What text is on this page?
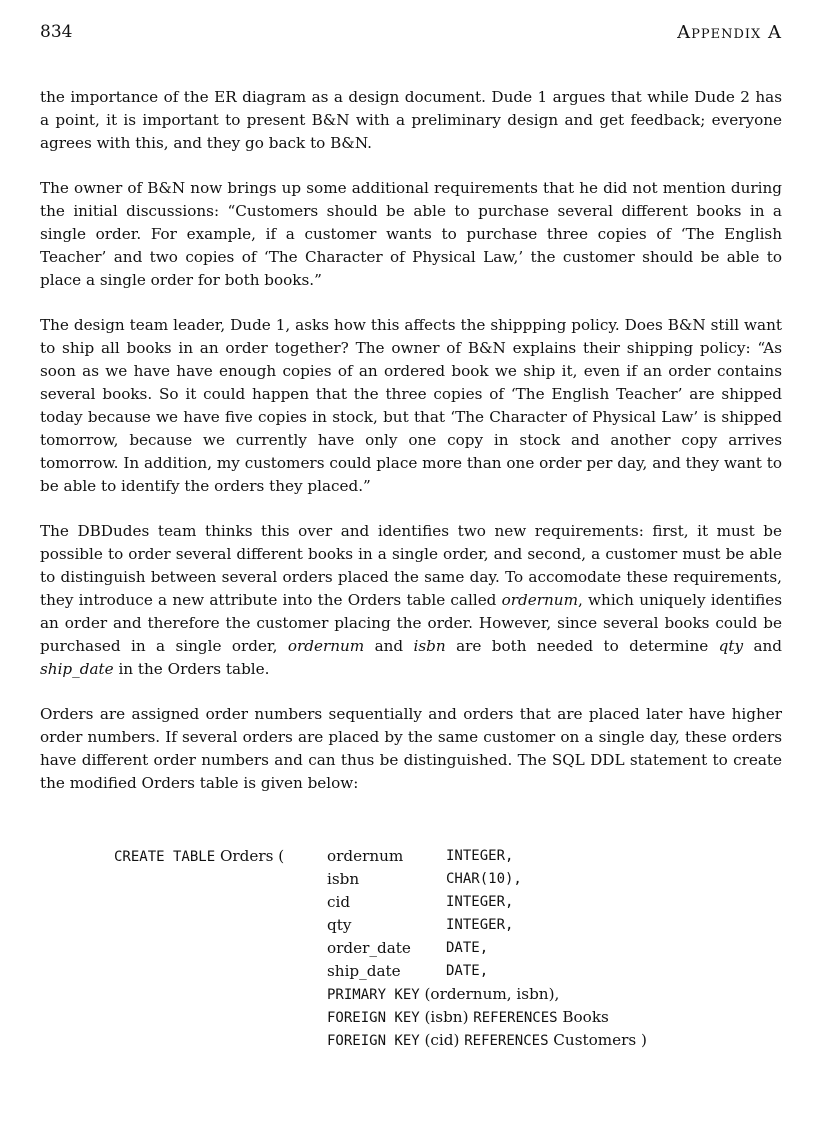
834	Appendix A

the importance of the ER diagram as a design document. Dude 1 argues that while Dude 2 has a point, it is important to present B&N with a preliminary design and get feedback; everyone agrees with this, and they go back to B&N.

The owner of B&N now brings up some additional requirements that he did not mention during the initial discussions: “Customers should be able to purchase several different books in a single order. For example, if a customer wants to purchase three copies of ‘The English Teacher’ and two copies of ‘The Character of Physical Law,’ the customer should be able to place a single order for both books.”

The design team leader, Dude 1, asks how this affects the shippping policy. Does B&N still want to ship all books in an order together? The owner of B&N explains their shipping policy: “As soon as we have have enough copies of an ordered book we ship it, even if an order contains several books. So it could happen that the three copies of ‘The English Teacher’ are shipped today because we have five copies in stock, but that ‘The Character of Physical Law’ is shipped tomorrow, because we currently have only one copy in stock and another copy arrives tomorrow. In addition, my customers could place more than one order per day, and they want to be able to identify the orders they placed.”

The DBDudes team thinks this over and identifies two new requirements: first, it must be possible to order several different books in a single order, and second, a customer must be able to distinguish between several orders placed the same day. To accomodate these requirements, they introduce a new attribute into the Orders table called ordernum, which uniquely identifies an order and therefore the customer placing the order. However, since several books could be purchased in a single order, ordernum and isbn are both needed to determine qty and ship_date in the Orders table.

Orders are assigned order numbers sequentially and orders that are placed later have higher order numbers. If several orders are placed by the same customer on a single day, these orders have different order numbers and can thus be distinguished. The SQL DDL statement to create the modified Orders table is given below:

CREATE TABLE Orders (	ordernum	INTEGER,
isbn	CHAR(10),
cid	INTEGER,
qty	INTEGER,
order_date	DATE,
ship_date	DATE,
PRIMARY KEY (ordernum, isbn),
FOREIGN KEY (isbn) REFERENCES Books
FOREIGN KEY (cid) REFERENCES Customers )
